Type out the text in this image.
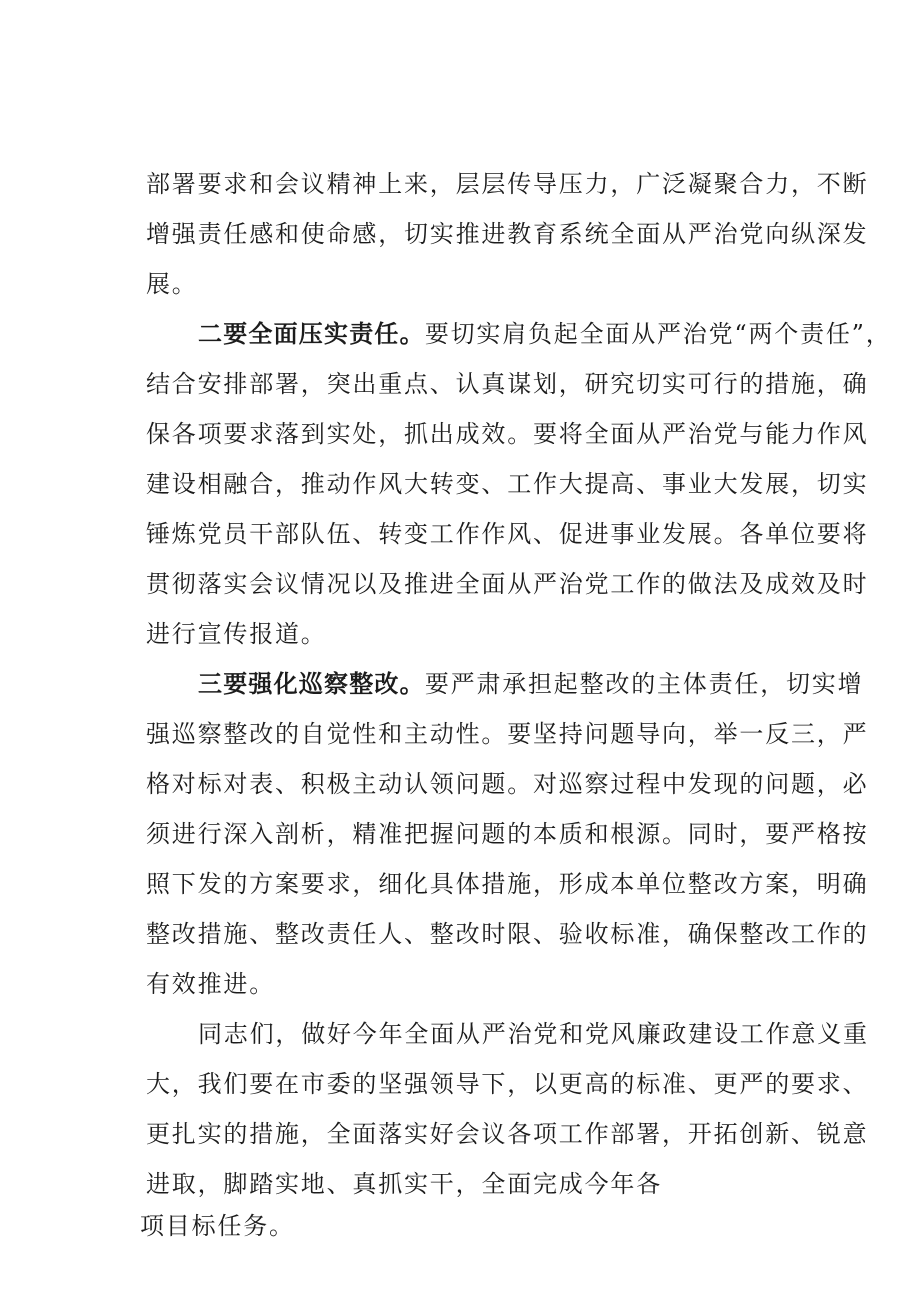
部署要求和会议精神上来，层层传导压力，广泛凝聚合力，不断
增强责任感和使命感，切实推进教育系统全面从严治党向纵深发
展。
二要全面压实责任。要切实肩负起全面从严治党“两个责任”，
结合安排部署，突出重点、认真谋划，研究切实可行的措施，确
保各项要求落到实处，抓出成效。要将全面从严治党与能力作风
建设相融合，推动作风大转变、工作大提高、事业大发展，切实
锤炼党员干部队伍、转变工作作风、促进事业发展。各单位要将
贯彻落实会议情况以及推进全面从严治党工作的做法及成效及时
进行宣传报道。
三要强化巡察整改。要严肃承担起整改的主体责任，切实增
强巡察整改的自觉性和主动性。要坚持问题导向，举一反三，严
格对标对表、积极主动认领问题。对巡察过程中发现的问题，必
须进行深入剖析，精准把握问题的本质和根源。同时，要严格按
照下发的方案要求，细化具体措施，形成本单位整改方案，明确
整改措施、整改责任人、整改时限、验收标准，确保整改工作的
有效推进。
同志们，做好今年全面从严治党和党风廉政建设工作意义重
大，我们要在市委的坚强领导下，以更高的标准、更严的要求、
更扎实的措施，全面落实好会议各项工作部署，开拓创新、锐意
进取，脚踏实地、真抓实干，全面完成今年各
项目标任务。
